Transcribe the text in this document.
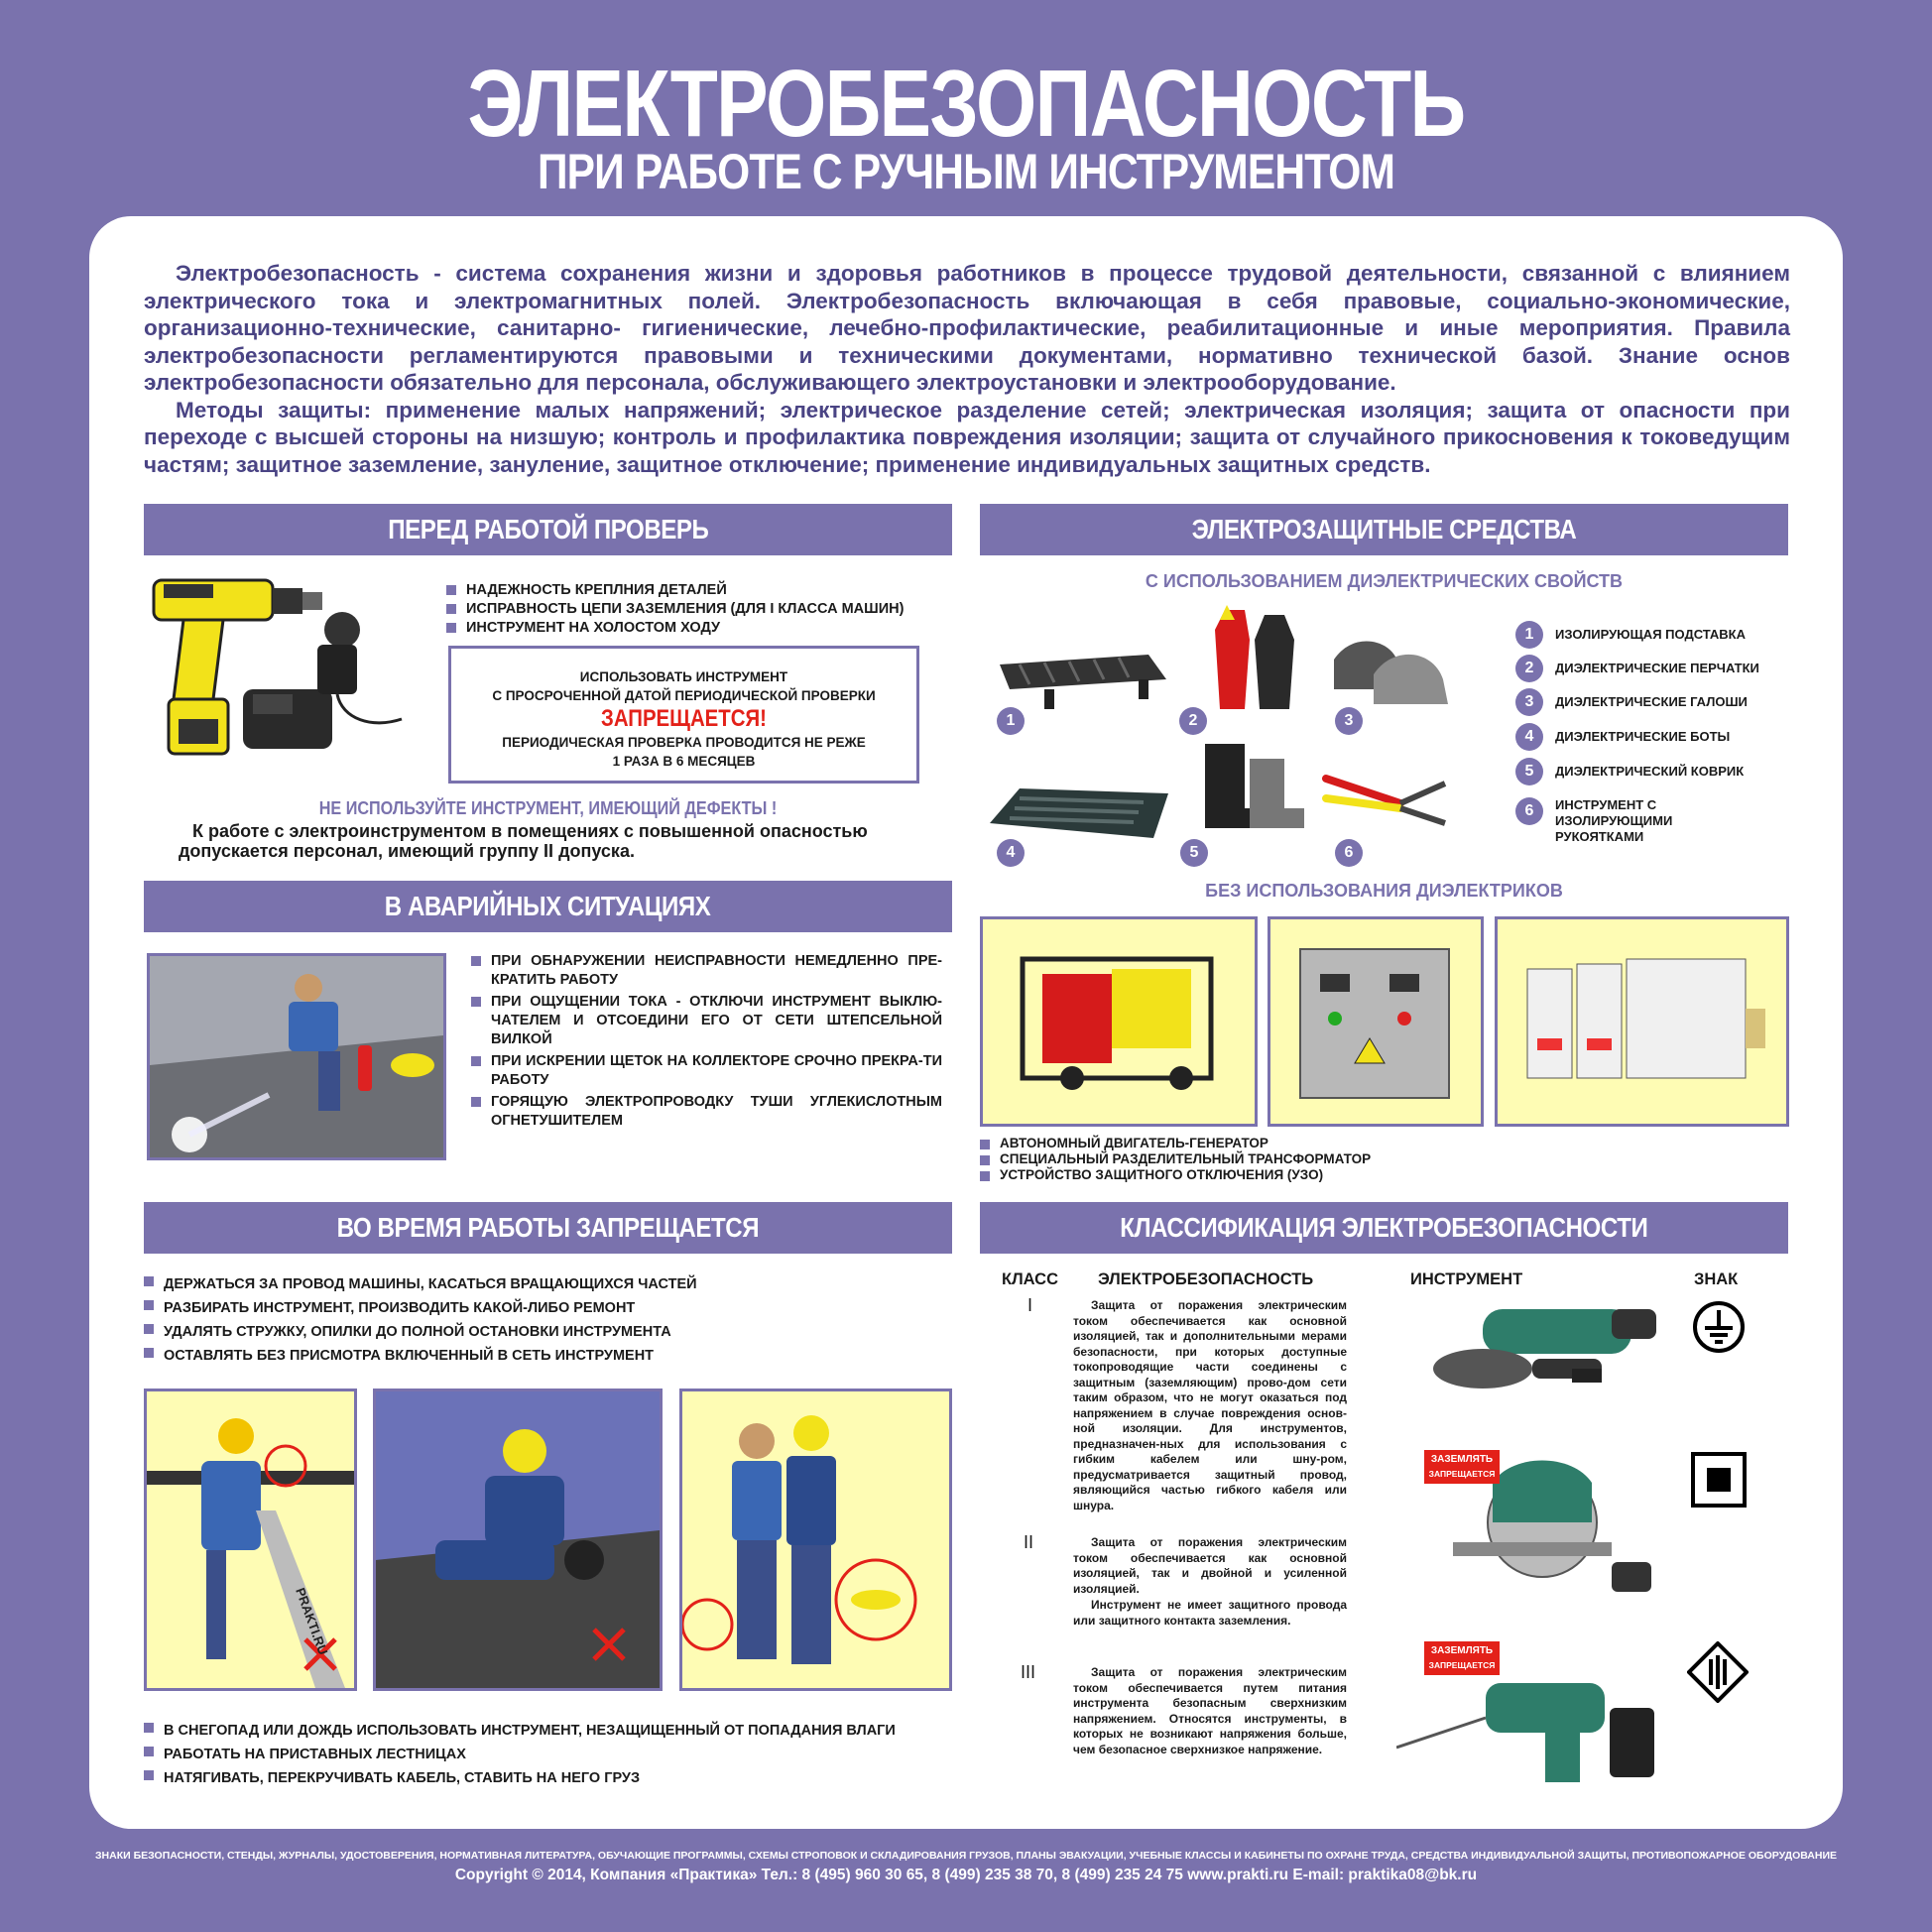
ЭЛЕКТРОБЕЗОПАСНОСТЬ
ПРИ РАБОТЕ С РУЧНЫМ ИНСТРУМЕНТОМ

Электробезопасность - система сохранения жизни и здоровья работников в процессе трудовой деятельности, связанной с влиянием электрического тока и электромагнитных полей. Электробезопасность включающая в себя правовые, социально-экономические, организационно-технические, санитарно- гигиенические, лечебно-профилактические, реабилитационные и иные мероприятия. Правила электробезопасности регламентируются правовыми и техническими документами, нормативно технической базой. Знание основ электробезопасности обязательно для персонала, обслуживающего электроустановки и электрооборудование.

Методы защиты: применение малых напряжений; электрическое разделение сетей; электрическая изоляция; защита от опасности при переходе с высшей стороны на низшую; контроль и профилактика повреждения изоляции; защита от случайного прикосновения к токоведущим частям; защитное заземление, зануление, защитное отключение; применение индивидуальных защитных средств.

ПЕРЕД РАБОТОЙ ПРОВЕРЬ
НАДЕЖНОСТЬ КРЕПЛНИЯ ДЕТАЛЕЙ
ИСПРАВНОСТЬ ЦЕПИ ЗАЗЕМЛЕНИЯ (ДЛЯ I КЛАССА МАШИН)
ИНСТРУМЕНТ НА ХОЛОСТОМ ХОДУ
ИСПОЛЬЗОВАТЬ ИНСТРУМЕНТ
С ПРОСРОЧЕННОЙ ДАТОЙ ПЕРИОДИЧЕСКОЙ ПРОВЕРКИ
ЗАПРЕЩАЕТСЯ!
ПЕРИОДИЧЕСКАЯ ПРОВЕРКА ПРОВОДИТСЯ НЕ РЕЖЕ
1 РАЗА В 6 МЕСЯЦЕВ
НЕ ИСПОЛЬЗУЙТЕ ИНСТРУМЕНТ, ИМЕЮЩИЙ ДЕФЕКТЫ !
К работе с электроинструментом в помещениях с повышенной опасностью допускается персонал, имеющий группу II допуска.
В АВАРИЙНЫХ СИТУАЦИЯХ
ПРИ ОБНАРУЖЕНИИ НЕИСПРАВНОСТИ НЕМЕДЛЕННО ПРЕ-КРАТИТЬ РАБОТУ
ПРИ ОЩУЩЕНИИ ТОКА - ОТКЛЮЧИ ИНСТРУМЕНТ ВЫКЛЮ-ЧАТЕЛЕМ И ОТСОЕДИНИ ЕГО ОТ СЕТИ ШТЕПСЕЛЬНОЙ ВИЛКОЙ
ПРИ ИСКРЕНИИ ЩЕТОК НА КОЛЛЕКТОРЕ СРОЧНО ПРЕКРА-ТИ РАБОТУ
ГОРЯЩУЮ ЭЛЕКТРОПРОВОДКУ ТУШИ УГЛЕКИСЛОТНЫМ ОГНЕТУШИТЕЛЕМ
ЭЛЕКТРОЗАЩИТНЫЕ СРЕДСТВА
С ИСПОЛЬЗОВАНИЕМ ДИЭЛЕКТРИЧЕСКИХ СВОЙСТВ
1	2	3
4	5	6
1	ИЗОЛИРУЮЩАЯ ПОДСТАВКА
2	ДИЭЛЕКТРИЧЕСКИЕ ПЕРЧАТКИ
3	ДИЭЛЕКТРИЧЕСКИЕ ГАЛОШИ
4	ДИЭЛЕКТРИЧЕСКИЕ БОТЫ
5	ДИЭЛЕКТРИЧЕСКИЙ КОВРИК
6	ИНСТРУМЕНТ С ИЗОЛИРУЮЩИМИ РУКОЯТКАМИ
БЕЗ ИСПОЛЬЗОВАНИЯ ДИЭЛЕКТРИКОВ
АВТОНОМНЫЙ ДВИГАТЕЛЬ-ГЕНЕРАТОР
СПЕЦИАЛЬНЫЙ РАЗДЕЛИТЕЛЬНЫЙ ТРАНСФОРМАТОР
УСТРОЙСТВО ЗАЩИТНОГО ОТКЛЮЧЕНИЯ (УЗО)
ВО ВРЕМЯ РАБОТЫ ЗАПРЕЩАЕТСЯ
ДЕРЖАТЬСЯ ЗА ПРОВОД МАШИНЫ, КАСАТЬСЯ ВРАЩАЮЩИХСЯ ЧАСТЕЙ
РАЗБИРАТЬ ИНСТРУМЕНТ, ПРОИЗВОДИТЬ КАКОЙ-ЛИБО РЕМОНТ
УДАЛЯТЬ СТРУЖКУ, ОПИЛКИ ДО ПОЛНОЙ ОСТАНОВКИ ИНСТРУМЕНТА
ОСТАВЛЯТЬ БЕЗ ПРИСМОТРА ВКЛЮЧЕННЫЙ В СЕТЬ ИНСТРУМЕНТ
PRAKTI.RU
В СНЕГОПАД ИЛИ ДОЖДЬ ИСПОЛЬЗОВАТЬ ИНСТРУМЕНТ, НЕЗАЩИЩЕННЫЙ ОТ ПОПАДАНИЯ ВЛАГИ
РАБОТАТЬ НА ПРИСТАВНЫХ ЛЕСТНИЦАХ
НАТЯГИВАТЬ, ПЕРЕКРУЧИВАТЬ КАБЕЛЬ, СТАВИТЬ НА НЕГО ГРУЗ
КЛАССИФИКАЦИЯ ЭЛЕКТРОБЕЗОПАСНОСТИ
КЛАСС ЭЛЕКТРОБЕЗОПАСНОСТЬ	ИНСТРУМЕНТ	ЗНАК
I	Защита от поражения электрическим током обеспечивается как основной изоляцией, так и дополнительными мерами безопасности, при которых доступные токопроводящие части соединены с защитным (заземляющим) прово-дом сети таким образом, что не могут оказаться под напряжением в случае повреждения основ-ной изоляции. Для инструментов, предназначен-ных для использования с гибким кабелем или шну-ром, предусматривается защитный провод, являющийся частью гибкого кабеля или шнура.
II	Защита от поражения электрическим током обеспечивается как основной изоляцией, так и двойной и усиленной изоляцией.
Инструмент не имеет защитного провода или защитного контакта заземления.
III	Защита от поражения электрическим током обеспечивается путем питания инструмента безопасным сверхнизким напряжением. Относятся инструменты, в которых не возникают напряжения больше, чем безопасное сверхнизкое напряжение.
ЗАЗЕМЛЯТЬ
ЗАПРЕЩАЕТСЯ
ЗАЗЕМЛЯТЬ
ЗАПРЕЩАЕТСЯ
ЗНАКИ БЕЗОПАСНОСТИ, СТЕНДЫ, ЖУРНАЛЫ, УДОСТОВЕРЕНИЯ, НОРМАТИВНАЯ ЛИТЕРАТУРА, ОБУЧАЮЩИЕ ПРОГРАММЫ, СХЕМЫ СТРОПОВОК И СКЛАДИРОВАНИЯ ГРУЗОВ, ПЛАНЫ ЭВАКУАЦИИ, УЧЕБНЫЕ КЛАССЫ И КАБИНЕТЫ ПО ОХРАНЕ ТРУДА, СРЕДСТВА ИНДИВИДУАЛЬНОЙ ЗАЩИТЫ, ПРОТИВОПОЖАРНОЕ ОБОРУДОВАНИЕ
Copyright © 2014, Компания «Практика» Тел.: 8 (495) 960 30 65, 8 (499) 235 38 70, 8 (499) 235 24 75 www.prakti.ru E-mail: praktika08@bk.ru
